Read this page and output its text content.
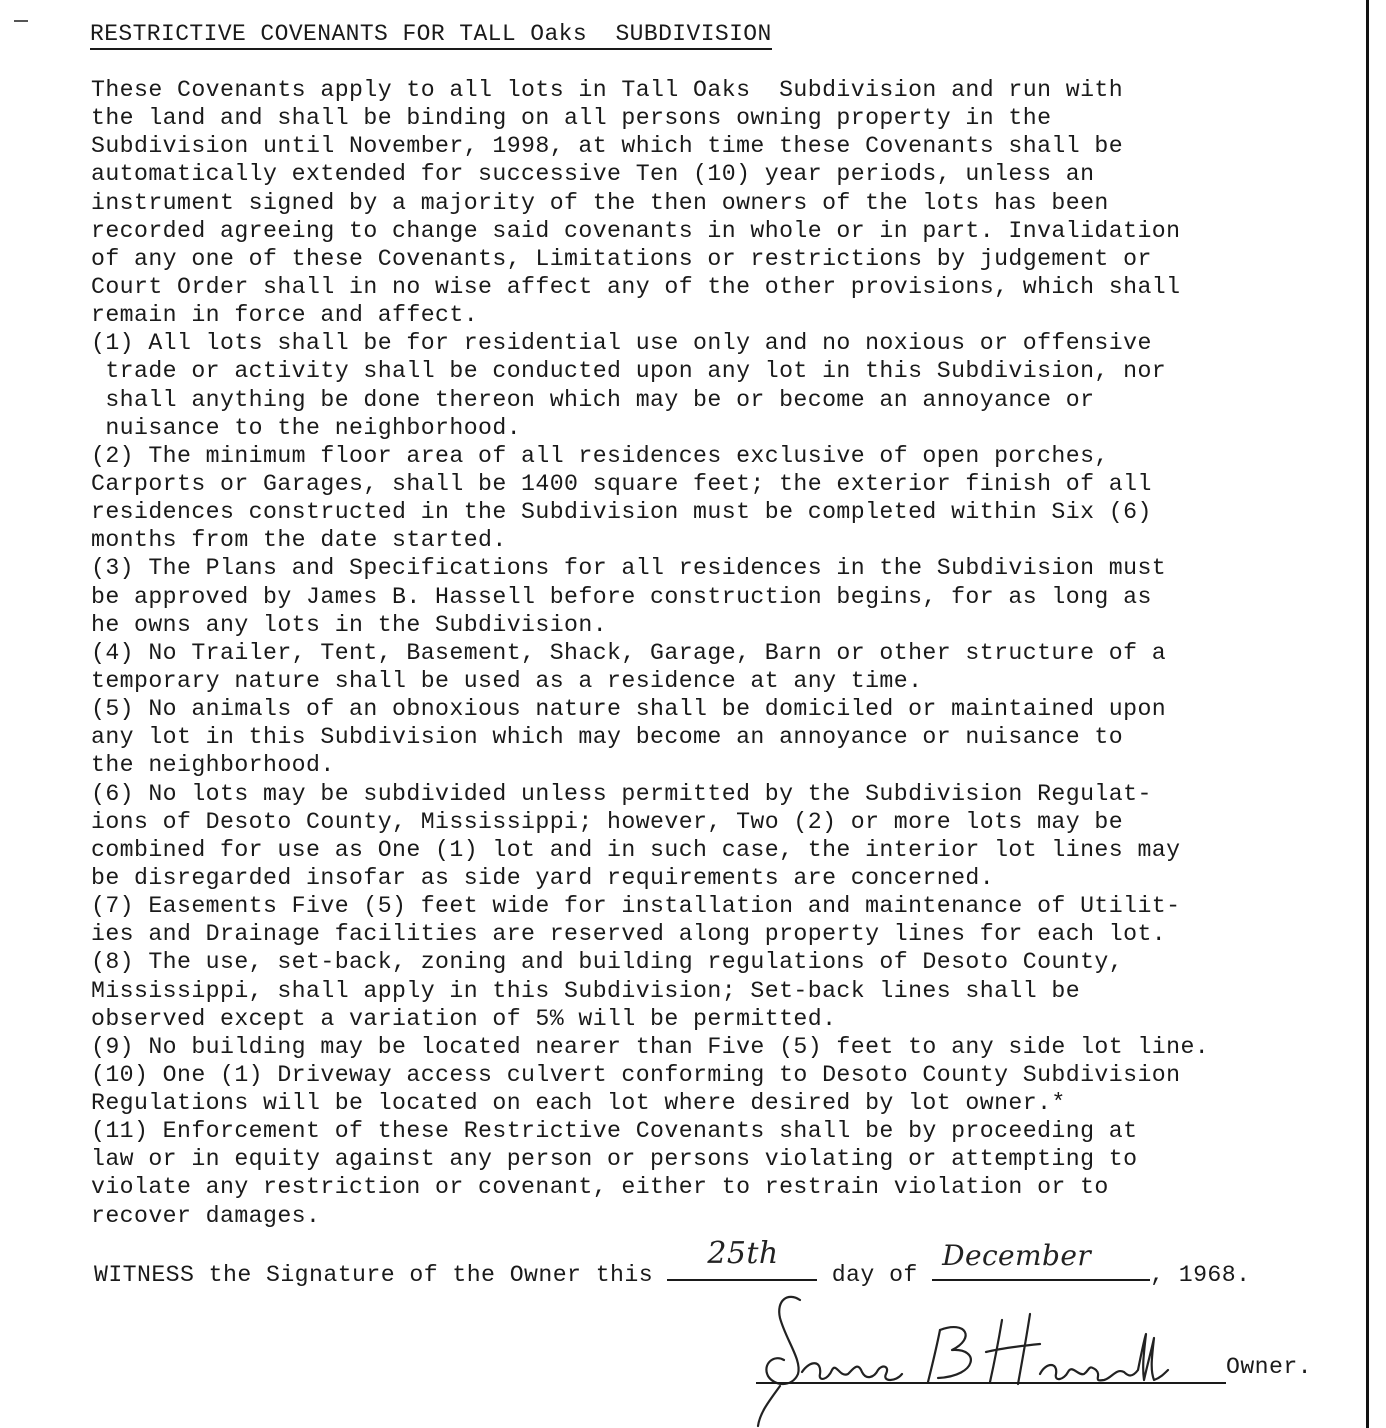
RESTRICTIVE COVENANTS FOR TALL Oaks  SUBDIVISION
These Covenants apply to all lots in Tall Oaks  Subdivision and run with
the land and shall be binding on all persons owning property in the
Subdivision until November, 1998, at which time these Covenants shall be
automatically extended for successive Ten (10) year periods, unless an
instrument signed by a majority of the then owners of the lots has been
recorded agreeing to change said covenants in whole or in part. Invalidation
of any one of these Covenants, Limitations or restrictions by judgement or
Court Order shall in no wise affect any of the other provisions, which shall
remain in force and affect.
(1) All lots shall be for residential use only and no noxious or offensive
trade or activity shall be conducted upon any lot in this Subdivision, nor
shall anything be done thereon which may be or become an annoyance or
nuisance to the neighborhood.
(2) The minimum floor area of all residences exclusive of open porches,
Carports or Garages, shall be 1400 square feet; the exterior finish of all
residences constructed in the Subdivision must be completed within Six (6)
months from the date started.
(3) The Plans and Specifications for all residences in the Subdivision must
be approved by James B. Hassell before construction begins, for as long as
he owns any lots in the Subdivision.
(4) No Trailer, Tent, Basement, Shack, Garage, Barn or other structure of a
temporary nature shall be used as a residence at any time.
(5) No animals of an obnoxious nature shall be domiciled or maintained upon
any lot in this Subdivision which may become an annoyance or nuisance to
the neighborhood.
(6) No lots may be subdivided unless permitted by the Subdivision Regulat-
ions of Desoto County, Mississippi; however, Two (2) or more lots may be
combined for use as One (1) lot and in such case, the interior lot lines may
be disregarded insofar as side yard requirements are concerned.
(7) Easements Five (5) feet wide for installation and maintenance of Utilit-
ies and Drainage facilities are reserved along property lines for each lot.
(8) The use, set-back, zoning and building regulations of Desoto County,
Mississippi, shall apply in this Subdivision; Set-back lines shall be
observed except a variation of 5% will be permitted.
(9) No building may be located nearer than Five (5) feet to any side lot line.
(10) One (1) Driveway access culvert conforming to Desoto County Subdivision
Regulations will be located on each lot where desired by lot owner.*
(11) Enforcement of these Restrictive Covenants shall be by proceeding at
law or in equity against any person or persons violating or attempting to
violate any restriction or covenant, either to restrain violation or to
recover damages.
WITNESS the Signature of the Owner this
25th
day of
December
, 1968.
Owner.
